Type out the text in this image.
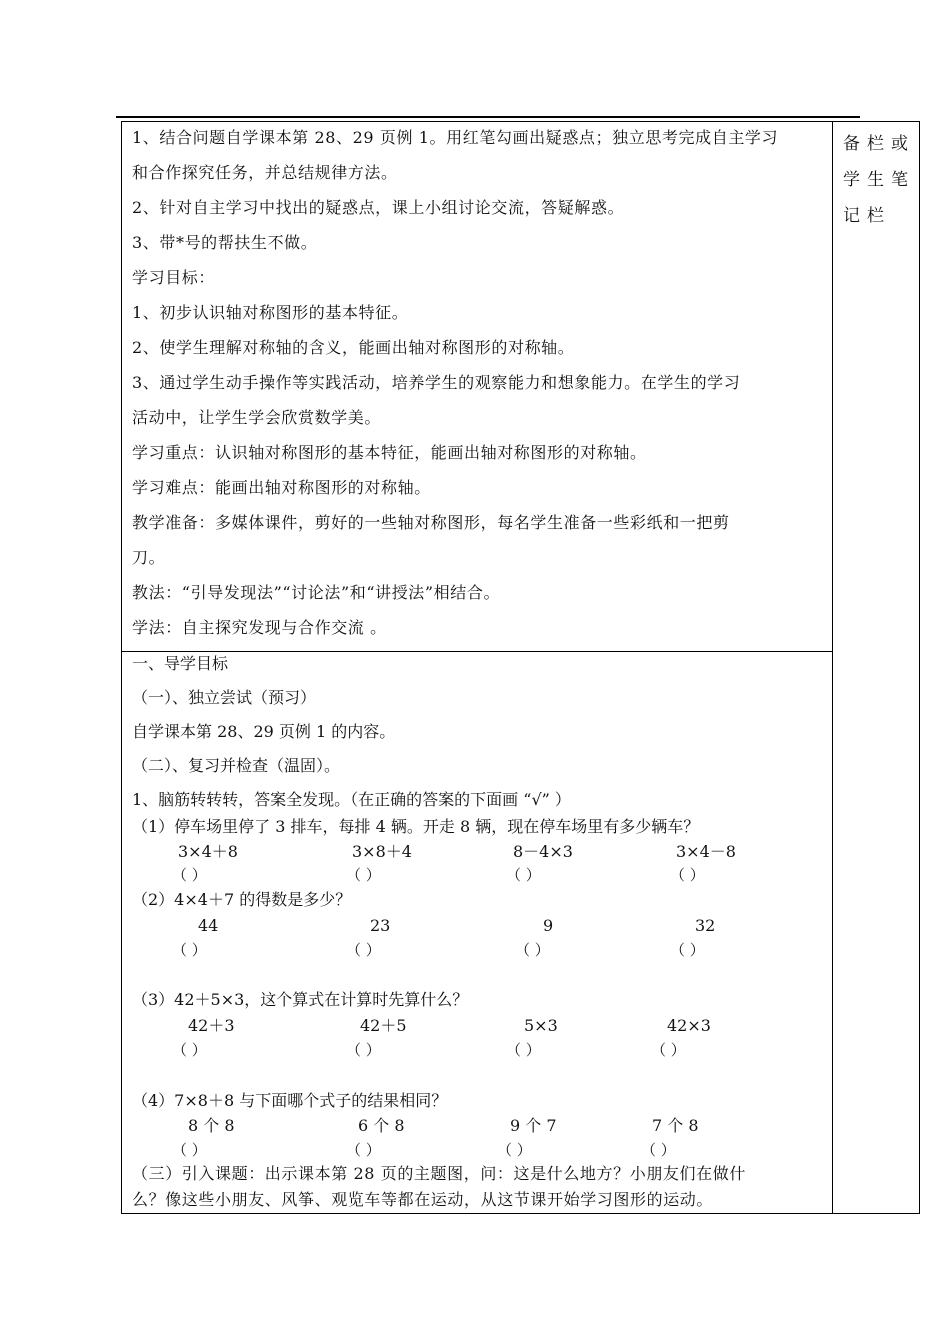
备栏或学生笔记栏
1、结合问题自学课本第 28、29 页例 1。用红笔勾画出疑惑点；独立思考完成自主学习
和合作探究任务，并总结规律方法。
2、针对自主学习中找出的疑惑点，课上小组讨论交流，答疑解惑。
3、带*号的帮扶生不做。
学习目标：
1、初步认识轴对称图形的基本特征。
2、使学生理解对称轴的含义，能画出轴对称图形的对称轴。
3、通过学生动手操作等实践活动，培养学生的观察能力和想象能力。在学生的学习
活动中，让学生学会欣赏数学美。
学习重点：认识轴对称图形的基本特征，能画出轴对称图形的对称轴。
学习难点：能画出轴对称图形的对称轴。
教学准备：多媒体课件，剪好的一些轴对称图形，每名学生准备一些彩纸和一把剪
刀。
教法：“引导发现法”“讨论法”和“讲授法”相结合。
学法：自主探究发现与合作交流 。
一、导学目标
（一）、独立尝试（预习）
自学课本第 28、29 页例 1 的内容。
（二）、复习并检查（温固）。
1、脑筋转转转，答案全发现。（在正确的答案的下面画 “√” ）
（1）停车场里停了 3 排车，每排 4 辆。开走 8 辆，现在停车场里有多少辆车？
3×4＋8	3×8＋4	8－4×3	3×4－8
（ ）	（ ）	（ ）	（ ）
（2）4×4＋7 的得数是多少？
44	23	9	32
（ ）	（ ）	（ ）	（ ）
（3）42＋5×3，这个算式在计算时先算什么？
42＋3	42＋5	5×3	42×3
（ ）	（ ）	（ ）	（ ）
（4）7×8＋8 与下面哪个式子的结果相同？
8 个 8	6 个 8	9 个 7	7 个 8
（ ）	（ ）	（ ）	（ ）
（三）引入课题：出示课本第 28 页的主题图，问：这是什么地方？小朋友们在做什
么？像这些小朋友、风筝、观览车等都在运动，从这节课开始学习图形的运动。
